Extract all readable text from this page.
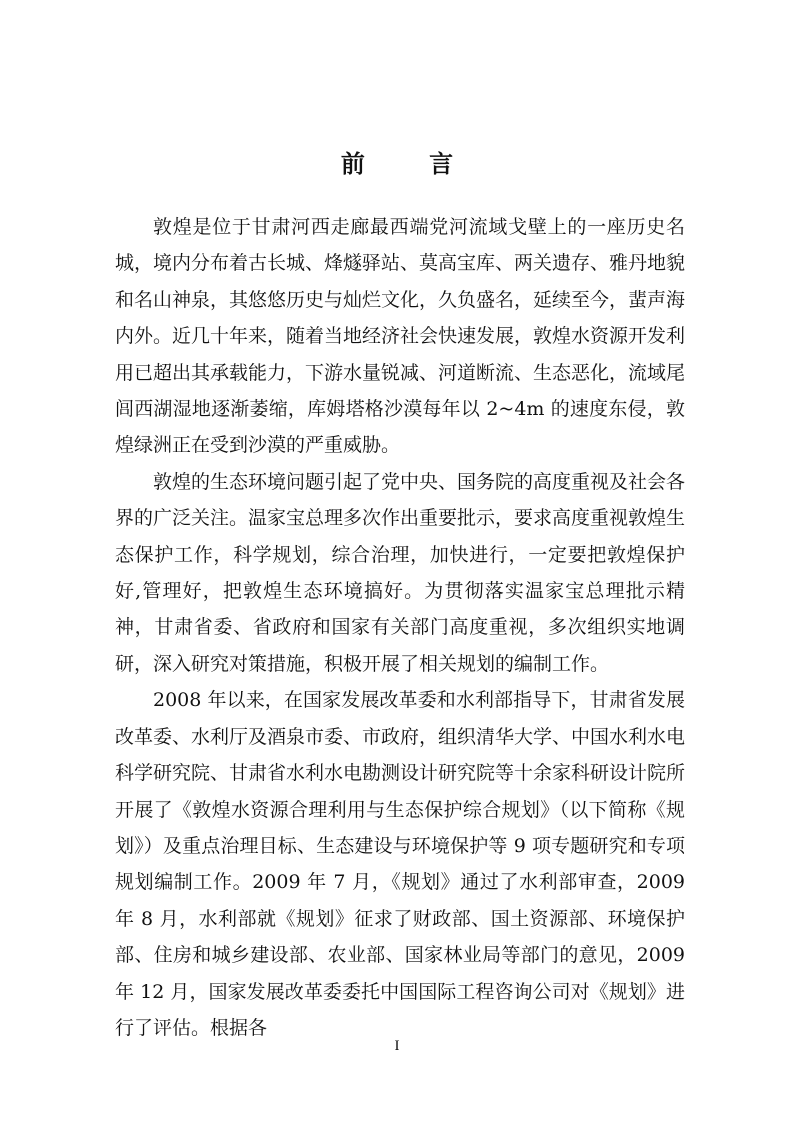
前 言

敦煌是位于甘肃河西走廊最西端党河流域戈壁上的一座历史名城，境内分布着古长城、烽燧驿站、莫高宝库、两关遗存、雅丹地貌和名山神泉，其悠悠历史与灿烂文化，久负盛名，延续至今，蜚声海内外。近几十年来，随着当地经济社会快速发展，敦煌水资源开发利用已超出其承载能力，下游水量锐减、河道断流、生态恶化，流域尾闾西湖湿地逐渐萎缩，库姆塔格沙漠每年以 2~4m 的速度东侵，敦煌绿洲正在受到沙漠的严重威胁。

敦煌的生态环境问题引起了党中央、国务院的高度重视及社会各界的广泛关注。温家宝总理多次作出重要批示，要求高度重视敦煌生态保护工作，科学规划，综合治理，加快进行，一定要把敦煌保护好,管理好，把敦煌生态环境搞好。为贯彻落实温家宝总理批示精神，甘肃省委、省政府和国家有关部门高度重视，多次组织实地调研，深入研究对策措施，积极开展了相关规划的编制工作。

2008 年以来，在国家发展改革委和水利部指导下，甘肃省发展改革委、水利厅及酒泉市委、市政府，组织清华大学、中国水利水电科学研究院、甘肃省水利水电勘测设计研究院等十余家科研设计院所开展了《敦煌水资源合理利用与生态保护综合规划》（以下简称《规划》）及重点治理目标、生态建设与环境保护等 9 项专题研究和专项规划编制工作。2009 年 7 月，《规划》通过了水利部审查，2009 年 8 月，水利部就《规划》征求了财政部、国土资源部、环境保护部、住房和城乡建设部、农业部、国家林业局等部门的意见，2009 年 12 月，国家发展改革委委托中国国际工程咨询公司对《规划》进行了评估。根据各

I
